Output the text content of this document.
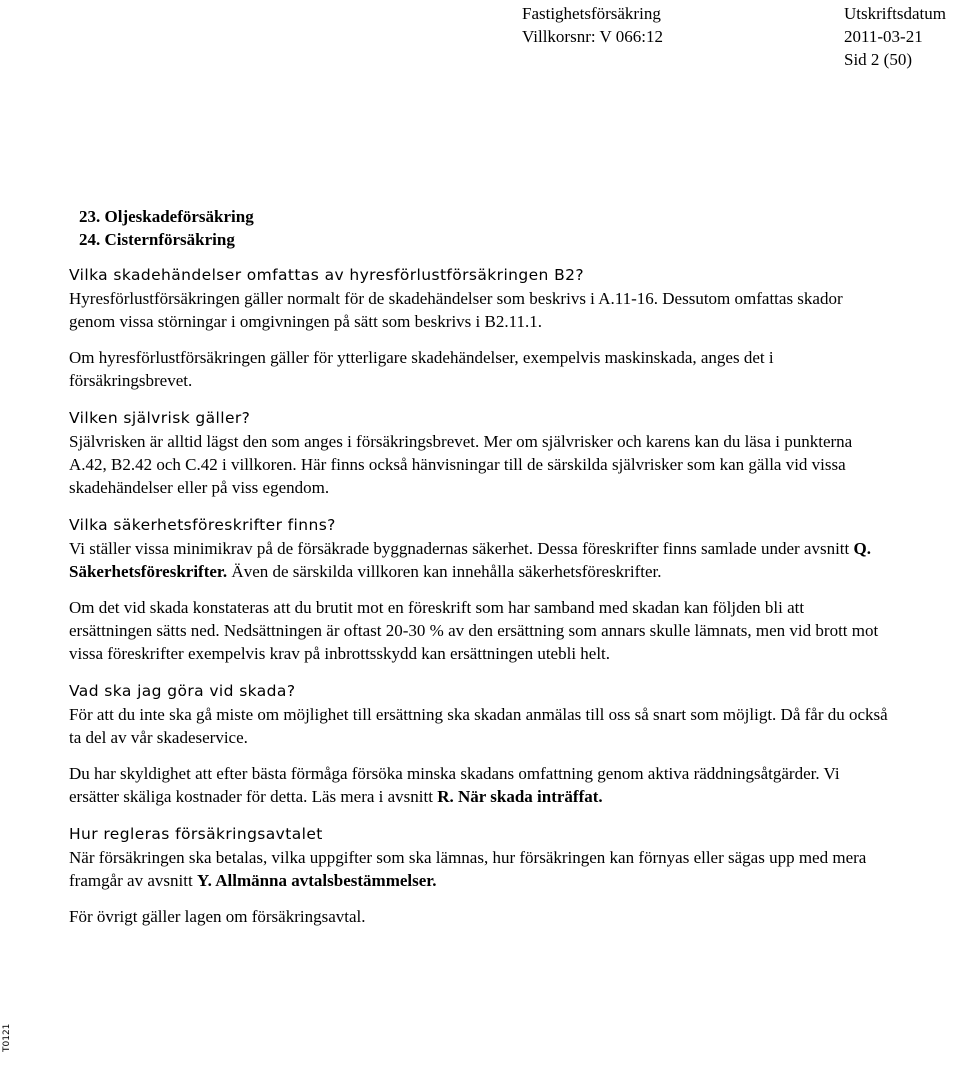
Fastighetsförsäkring
Villkorsnr: V 066:12
Utskriftsdatum
2011-03-21
Sid 2 (50)
23. Oljeskadeförsäkring
24. Cisternförsäkring
Vilka skadehändelser omfattas av hyresförlustförsäkringen B2?

Hyresförlustförsäkringen gäller normalt för de skadehändelser som beskrivs i A.11-16. Dessutom omfattas skador genom vissa störningar i omgivningen på sätt som beskrivs i B2.11.1.

Om hyresförlustförsäkringen gäller för ytterligare skadehändelser, exempelvis maskinskada, anges det i försäkringsbrevet.

Vilken självrisk gäller?

Självrisken är alltid lägst den som anges i försäkringsbrevet. Mer om självrisker och karens kan du läsa i punkterna A.42, B2.42 och C.42 i villkoren. Här finns också hänvisningar till de särskilda självrisker som kan gälla vid vissa skadehändelser eller på viss egendom.

Vilka säkerhetsföreskrifter finns?

Vi ställer vissa minimikrav på de försäkrade byggnadernas säkerhet. Dessa föreskrifter finns samlade under avsnitt Q. Säkerhetsföreskrifter. Även de särskilda villkoren kan innehålla säkerhetsföreskrifter.

Om det vid skada konstateras att du brutit mot en föreskrift som har samband med skadan kan följden bli att ersättningen sätts ned. Nedsättningen är oftast 20-30 % av den ersättning som annars skulle lämnats, men vid brott mot vissa föreskrifter exempelvis krav på inbrottsskydd kan ersättningen utebli helt.

Vad ska jag göra vid skada?

För att du inte ska gå miste om möjlighet till ersättning ska skadan anmälas till oss så snart som möjligt. Då får du också ta del av vår skadeservice.

Du har skyldighet att efter bästa förmåga försöka minska skadans omfattning genom aktiva räddningsåtgärder. Vi ersätter skäliga kostnader för detta. Läs mera i avsnitt R. När skada inträffat.

Hur regleras försäkringsavtalet

När försäkringen ska betalas, vilka uppgifter som ska lämnas, hur försäkringen kan förnyas eller sägas upp med mera framgår av avsnitt Y. Allmänna avtalsbestämmelser.

För övrigt gäller lagen om försäkringsavtal.

T0121
